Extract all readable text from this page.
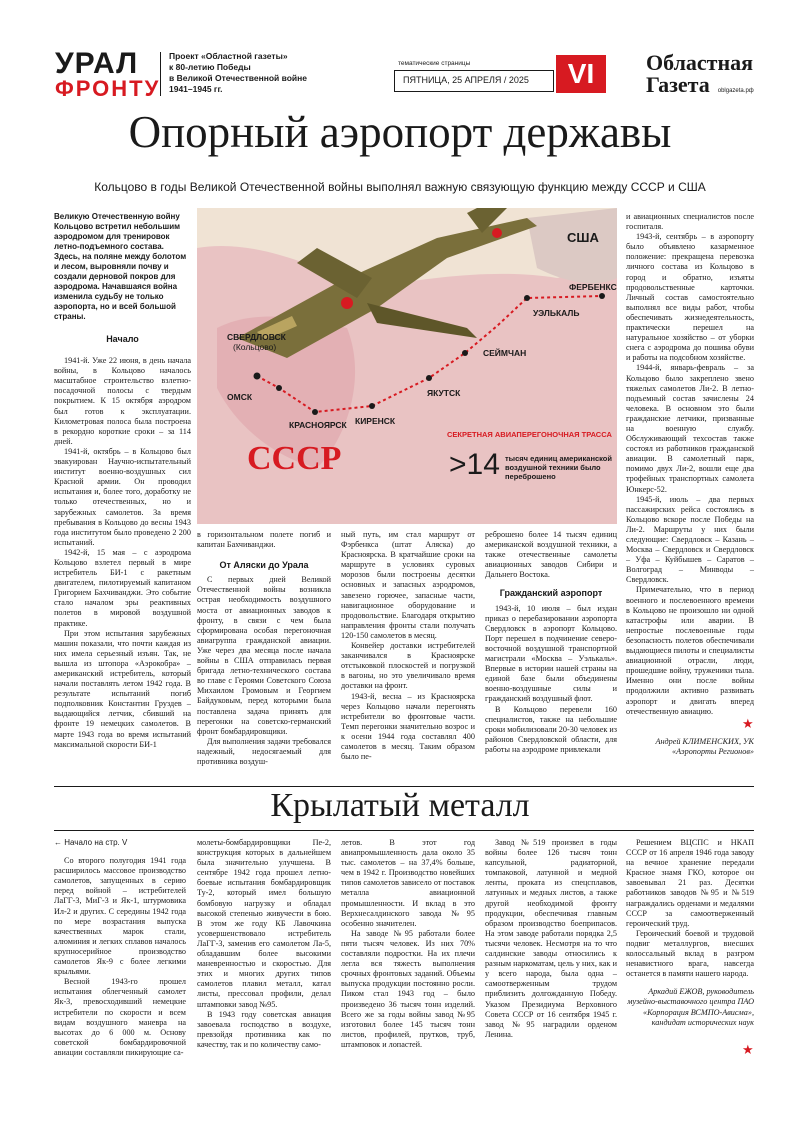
УРАЛ
ФРОНТУ
Проект «Областной газеты»
к 80-летию Победы
в Великой Отечественной войне
1941–1945 гг.
тематические страницы
ПЯТНИЦА, 25 АПРЕЛЯ / 2025	VI	Областная
Газета oblgazeta.рф
Опорный аэропорт державы
Кольцово в годы Великой Отечественной войны выполнял важную связующую функцию между СССР и США
Великую Отечественную войну Кольцово встретил небольшим аэродромом для тренировок летно-подъемного состава. Здесь, на поляне между болотом и лесом, выровняли почву и создали дерновой покров для аэродрома. Начавшаяся война изменила судьбу не только аэропорта, но и всей большой страны.
Начало

1941-й. Уже 22 июня, в день начала войны, в Кольцово началось масштабное строительство взлетно-посадочной полосы с твердым покрытием. К 15 октября аэродром был готов к эксплуатации. Километровая полоса была построена в рекордно короткие сроки – за 114 дней.

1941-й, октябрь – в Кольцово был эвакуирован Научно-испытательный институт военно-воздушных сил Красной армии. Он проводил испытания и, более того, доработку не только отечественных, но и зарубежных самолетов. За время пребывания в Кольцово до весны 1943 года институтом было проведено 2 200 испытаний.

1942-й, 15 мая – с аэродрома Кольцово взлетел первый в мире истребитель БИ-1 с ракетным двигателем, пилотируемый капитаном Григорием Бахчиванджи. Это событие стало началом эры реактивных полетов в мировой воздушной практике.

При этом испытания зарубежных машин показали, что почти каждая из них имела серьезный изъян. Так, не вышла из штопора «Аэрокобра» – американский истребитель, который начали поставлять летом 1942 года. В результате испытаний погиб подполковник Константин Груздев – выдающийся летчик, сбивший на фронте 19 немецких самолетов. В марте 1943 года во время испытаний максимальной скорости БИ-1

США
СССР
ФЕРБЕНКС
УЭЛЬКАЛЬ
СЕЙМЧАН
ЯКУТСК
КИРЕНСК
КРАСНОЯРСК
ОМСК
СВЕРДЛОВСК
(Кольцово)
СЕКРЕТНАЯ АВИАПЕРЕГОНОЧНАЯ ТРАССА
>14 тысяч единиц американской воздушной техники было переброшено

в горизонтальном полете погиб и капитан Бахчиванджи.

От Аляски до Урала

С первых дней Великой Отечественной войны возникла острая необходимость воздушного моста от авиационных заводов к фронту, в связи с чем была сформирована особая перегоночная авиагруппа гражданской авиации. Уже через два месяца после начала войны в США отправилась первая бригада летно-технического состава во главе с Героями Советского Союза Михаилом Громовым и Георгием Байдуковым, перед которыми была поставлена задача принять для перегонки на советско-германский фронт бомбардировщики.

Для выполнения задачи требовался надежный, недосягаемый для противника воздуш-

ный путь, им стал маршрут от Фэрбенкса (штат Аляска) до Красноярска. В кратчайшие сроки на маршруте в условиях суровых морозов были построены десятки основных и запасных аэродромов, завезено горючее, запасные части, навигационное оборудование и продовольствие. Благодаря открытию направления фронты стали получать 120-150 самолетов в месяц.

Конвейер доставки истребителей заканчивался в Красноярске отстыковкой плоскостей и погрузкой в вагоны, но это увеличивало время доставки на фронт.

1943-й, весна – из Красноярска через Кольцово начали перегонять истребители во фронтовые части. Темп перегонки значительно возрос и к осени 1944 года составлял 400 самолетов в месяц. Таким образом было пе-

реброшено более 14 тысяч единиц американской воздушной техники, а также отечественные самолеты авиационных заводов Сибири и Дальнего Востока.

Гражданский аэропорт

1943-й, 10 июля – был издан приказ о перебазировании аэропорта Свердловск в аэропорт Кольцово. Порт перешел в подчинение северо-восточной воздушной транспортной магистрали «Москва – Уэлькаль». Впервые в истории нашей страны на единой базе были объединены военно-воздушные силы и гражданский воздушный флот.

В Кольцово перевели 160 специалистов, также на небольшие сроки мобилизовали 20-30 человек из районов Свердловской области, для работы на аэродроме привлекали

и авиационных специалистов после госпиталя.

1943-й, сентябрь – в аэропорту было объявлено казарменное положение: прекращена перевозка личного состава из Кольцово в город и обратно, изъяты продовольственные карточки. Личный состав самостоятельно выполнял все виды работ, чтобы обеспечивать жизнедеятельность, практически перешел на натуральное хозяйство – от уборки снега с аэродрома до пошива обуви и работы на подсобном хозяйстве.

1944-й, январь-февраль – за Кольцово было закреплено звено тяжелых самолетов Ли-2. В летно-подъемный состав зачислены 24 человека. В основном это были гражданские летчики, призванные на военную службу. Обслуживающий техсостав также состоял из работников гражданской авиации. В самолетный парк, помимо двух Ли-2, вошли еще два трофейных транспортных самолета Юнкерс-52.

1945-й, июль – два первых пассажирских рейса состоялись в Кольцово вскоре после Победы на Ли-2. Маршруты у них были следующие: Свердловск – Казань – Москва – Свердловск и Свердловск – Уфа – Куйбышев – Саратов – Волгоград – Минводы – Свердловск.

Примечательно, что в период военного и послевоенного времени в Кольцово не произошло ни одной катастрофы или аварии. В непростые послевоенные годы безопасность полетов обеспечивали выдающиеся пилоты и специалисты авиационной отрасли, люди, прошедшие войну, труженики тыла. Именно они после войны продолжили активно развивать аэропорт и двигать вперед отечественную авиацию.

Андрей КЛИМЕНСКИХ, УК «Аэропорты Регионов»
★
Крылатый металл
← Начало на стр. V

Со второго полугодия 1941 года расширилось массовое производство самолетов, запущенных в серию перед войной – истребителей ЛаГГ-3, МиГ-3 и Як-1, штурмовика Ил-2 и других. С середины 1942 года по мере возрастания выпуска качественных марок стали, алюминия и легких сплавов началось крупносерийное производство самолетов Як-9 с более легкими крыльями.

Весной 1943-го прошел испытания облегченный самолет Як-3, превосходивший немецкие истребители по скорости и всем видам воздушного маневра на высотах до 6 000 м. Основу советской бомбардировочной авиации составляли пикирующие са-

молеты-бомбардировщики Пе-2, конструкция которых в дальнейшем была значительно улучшена. В сентябре 1942 года прошел летно-боевые испытания бомбардировщик Ту-2, который имел большую бомбовую нагрузку и обладал высокой степенью живучести в бою. В этом же году КБ Лавочкина усовершенствовало истребитель ЛаГГ-3, заменив его самолетом Ла-5, обладавшим более высокими маневренностью и скоростью. Для этих и многих других типов самолетов плавил металл, катал листы, прессовал профили, делал штамповки завод №95.

В 1943 году советская авиация завоевала господство в воздухе, превзойдя противника как по качеству, так и по количеству само-

летов. В этот год авиапромышленность дала около 35 тыс. самолетов – на 37,4% больше, чем в 1942 г. Производство новейших типов самолетов зависело от поставок металла авиационной промышленности. И вклад в это Верхнесалдинского завода №95 особенно значителен.

На заводе №95 работали более пяти тысяч человек. Из них 70% составляли подростки. На их плечи легла вся тяжесть выполнения срочных фронтовых заданий. Объемы выпуска продукции постоянно росли. Пиком стал 1943 год – было произведено 36 тысяч тонн изделий. Всего же за годы войны завод №95 изготовил более 145 тысяч тонн листов, профилей, прутков, труб, штамповок и лопастей.

Завод №519 произвел в годы войны более 126 тысяч тонн капсульной, радиаторной, томпаковой, латунной и медной ленты, проката из спецсплавов, латунных и медных листов, а также другой необходимой фронту продукции, обеспечивая главным образом производство боеприпасов. На этом заводе работали порядка 2,5 тысячи человек. Несмотря на то что салдинские заводы относились к разным наркоматам, цель у них, как и у всего народа, была одна – самоотверженным трудом приблизить долгожданную Победу. Указом Президиума Верховного Совета СССР от 16 сентября 1945 г. завод №95 наградили орденом Ленина.

Решением ВЦСПС и НКАП СССР от 16 апреля 1946 года заводу на вечное хранение передали Красное знамя ГКО, которое он завоевывал 21 раз. Десятки работников заводов №95 и №519 награждались орденами и медалями СССР за самоотверженный героический труд.

Героический боевой и трудовой подвиг металлургов, внесших колоссальный вклад в разгром ненавистного врага, навсегда останется в памяти нашего народа.

Аркадий ЕЖОВ, руководитель музейно-выставочного центра ПАО «Корпорация ВСМПО-Ависма», кандидат исторических наук
★
